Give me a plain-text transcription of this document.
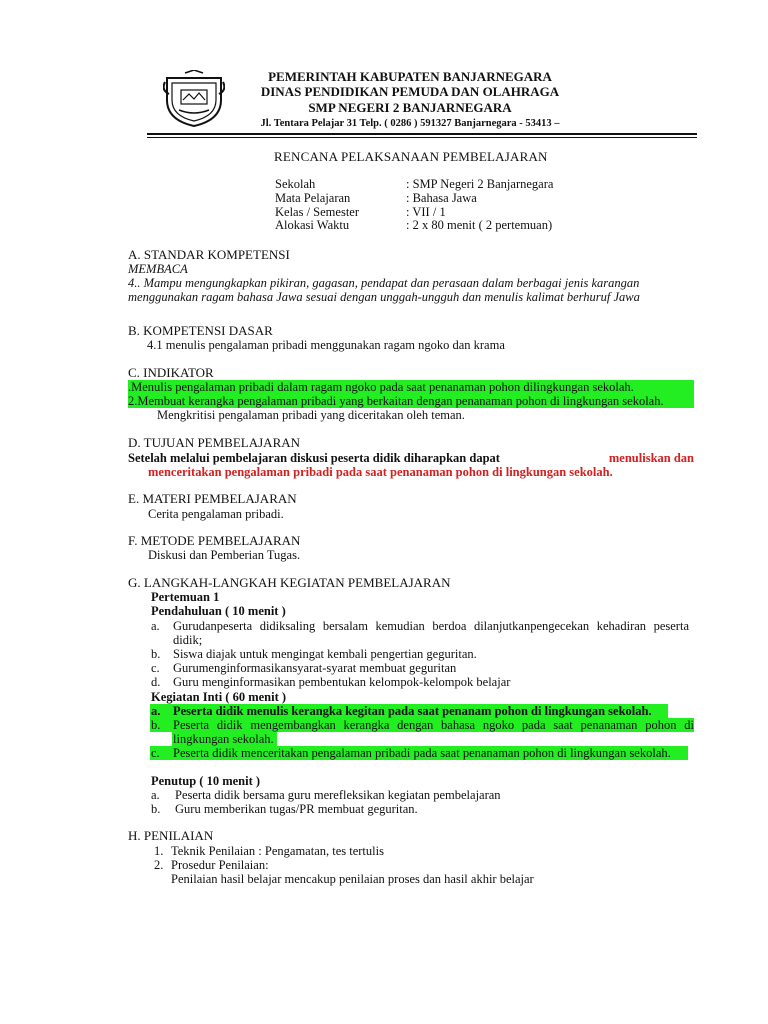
PEMERINTAH KABUPATEN BANJARNEGARA
DINAS PENDIDIKAN PEMUDA DAN OLAHRAGA
SMP NEGERI 2 BANJARNEGARA
Jl. Tentara Pelajar 31 Telp. ( 0286 ) 591327 Banjarnegara - 53413 –
RENCANA PELAKSANAAN PEMBELAJARAN
Sekolah	: SMP Negeri 2 Banjarnegara
Mata Pelajaran	: Bahasa Jawa
Kelas / Semester	: VII / 1
Alokasi Waktu	: 2 x 80 menit ( 2 pertemuan)
A. STANDAR KOMPETENSI
MEMBACA
4.. Mampu mengungkapkan pikiran, gagasan, pendapat dan perasaan dalam berbagai jenis karangan
menggunakan ragam bahasa Jawa sesuai dengan unggah-ungguh dan menulis kalimat berhuruf Jawa
B. KOMPETENSI DASAR
4.1 menulis pengalaman pribadi menggunakan ragam ngoko dan krama
C. INDIKATOR
.Menulis pengalaman pribadi dalam ragam ngoko pada saat penanaman pohon dilingkungan sekolah.
2.Membuat kerangka pengalaman pribadi yang berkaitan dengan penanaman pohon di lingkungan sekolah.
Mengkritisi pengalaman pribadi yang diceritakan oleh teman.
D. TUJUAN PEMBELAJARAN
Setelah melalui pembelajaran diskusi peserta didik diharapkan dapat	menuliskan dan
menceritakan pengalaman pribadi pada saat penanaman pohon di lingkungan sekolah.
E. MATERI PEMBELAJARAN
Cerita pengalaman pribadi.
F. METODE PEMBELAJARAN
Diskusi dan Pemberian Tugas.
G. LANGKAH-LANGKAH KEGIATAN PEMBELAJARAN
Pertemuan 1
Pendahuluan ( 10 menit )
a. Gurudanpeserta didiksaling bersalam kemudian berdoa dilanjutkanpengecekan kehadiran peserta
didik;
b. Siswa diajak untuk mengingat kembali pengertian geguritan.
c. Gurumenginformasikansyarat-syarat membuat geguritan
d. Guru menginformasikan pembentukan kelompok-kelompok belajar
Kegiatan Inti ( 60 menit )
a. Peserta didik menulis kerangka kegitan pada saat penanam pohon di lingkungan sekolah.
b. Peserta didik mengembangkan kerangka dengan bahasa ngoko pada saat penanaman pohon di
lingkungan sekolah.
c. Peserta didik menceritakan pengalaman pribadi pada saat penanaman pohon di lingkungan sekolah.
Penutup ( 10 menit )
a. Peserta didik bersama guru merefleksikan kegiatan pembelajaran
b. Guru memberikan tugas/PR membuat geguritan.
H. PENILAIAN
1. Teknik Penilaian : Pengamatan, tes tertulis
2. Prosedur Penilaian:
Penilaian hasil belajar mencakup penilaian proses dan hasil akhir belajar
